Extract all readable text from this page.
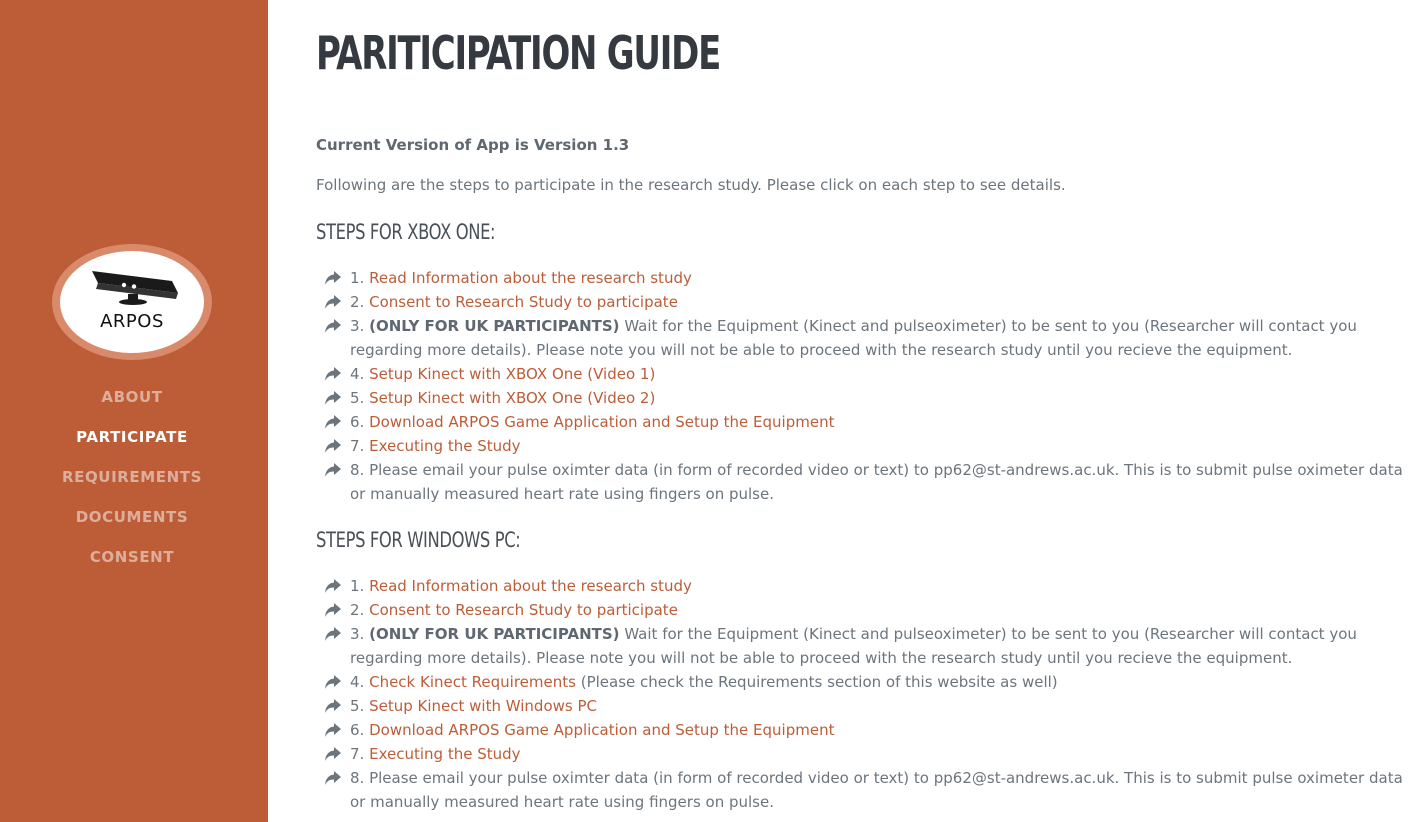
ARPOS
ABOUT
PARTICIPATE
REQUIREMENTS
DOCUMENTS
CONSENT
PARITICIPATION GUIDE
Current Version of App is Version 1.3
Following are the steps to participate in the research study. Please click on each step to see details.
STEPS FOR XBOX ONE:
1. Read Information about the research study
2. Consent to Research Study to participate
3. (ONLY FOR UK PARTICIPANTS) Wait for the Equipment (Kinect and pulseoximeter) to be sent to you (Researcher will contact you regarding more details). Please note you will not be able to proceed with the research study until you recieve the equipment.
4. Setup Kinect with XBOX One (Video 1)
5. Setup Kinect with XBOX One (Video 2)
6. Download ARPOS Game Application and Setup the Equipment
7. Executing the Study
8. Please email your pulse oximter data (in form of recorded video or text) to pp62@st-andrews.ac.uk. This is to submit pulse oximeter data or manually measured heart rate using fingers on pulse.
STEPS FOR WINDOWS PC:
1. Read Information about the research study
2. Consent to Research Study to participate
3. (ONLY FOR UK PARTICIPANTS) Wait for the Equipment (Kinect and pulseoximeter) to be sent to you (Researcher will contact you regarding more details). Please note you will not be able to proceed with the research study until you recieve the equipment.
4. Check Kinect Requirements (Please check the Requirements section of this website as well)
5. Setup Kinect with Windows PC
6. Download ARPOS Game Application and Setup the Equipment
7. Executing the Study
8. Please email your pulse oximter data (in form of recorded video or text) to pp62@st-andrews.ac.uk. This is to submit pulse oximeter data or manually measured heart rate using fingers on pulse.
